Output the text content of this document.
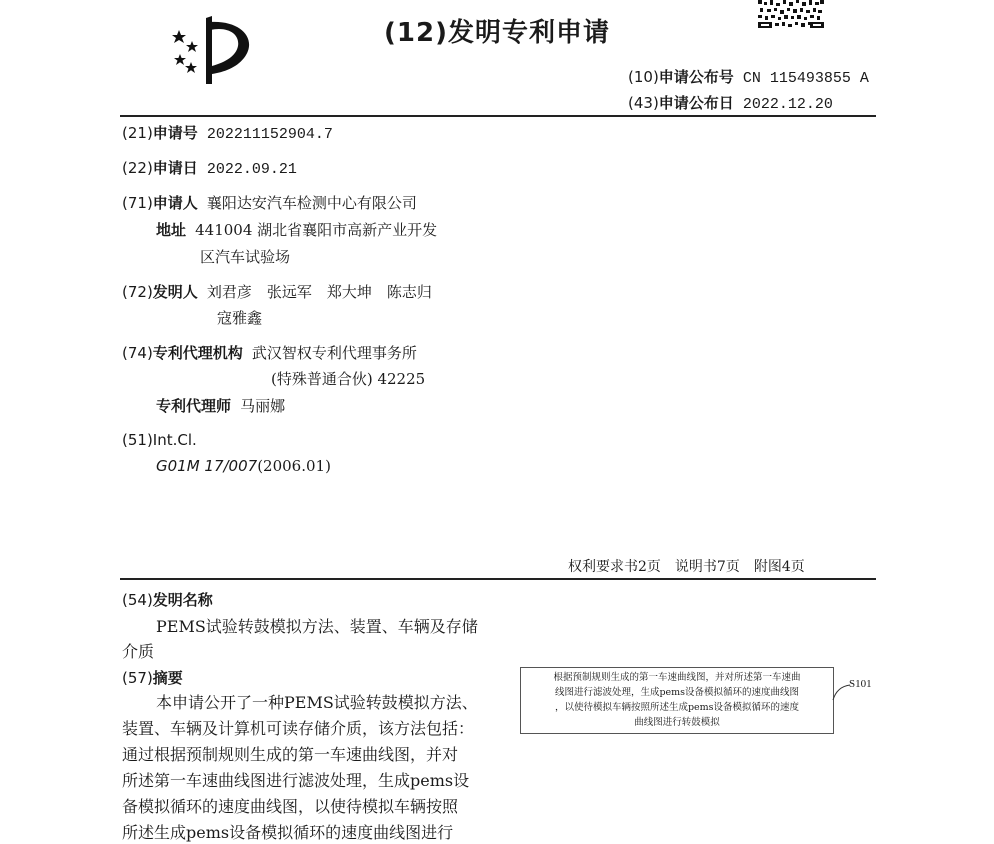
(12)发明专利申请
(10)申请公布号 CN 115493855 A
(43)申请公布日 2022.12.20
(21)申请号 202211152904.7
(22)申请日 2022.09.21
(71)申请人 襄阳达安汽车检测中心有限公司
地址 441004 湖北省襄阳市高新产业开发
区汽车试验场
(72)发明人 刘君彦　张远军　郑大坤　陈志归
寇雅鑫
(74)专利代理机构 武汉智权专利代理事务所
(特殊普通合伙) 42225
专利代理师 马丽娜
(51)Int.Cl.
G01M 17/007(2006.01)
权利要求书2页　说明书7页　附图4页
(54)发明名称
PEMS试验转鼓模拟方法、装置、车辆及存储
介质
(57)摘要
本申请公开了一种PEMS试验转鼓模拟方法、
装置、车辆及计算机可读存储介质，该方法包括：
通过根据预制规则生成的第一车速曲线图，并对
所述第一车速曲线图进行滤波处理，生成pems设
备模拟循环的速度曲线图，以使待模拟车辆按照
所述生成pems设备模拟循环的速度曲线图进行
根据预制规则生成的第一车速曲线图，并对所述第一车速曲
线图进行滤波处理，生成pems设备模拟循环的速度曲线图
，以使待模拟车辆按照所述生成pems设备模拟循环的速度
曲线图进行转鼓模拟
S101
